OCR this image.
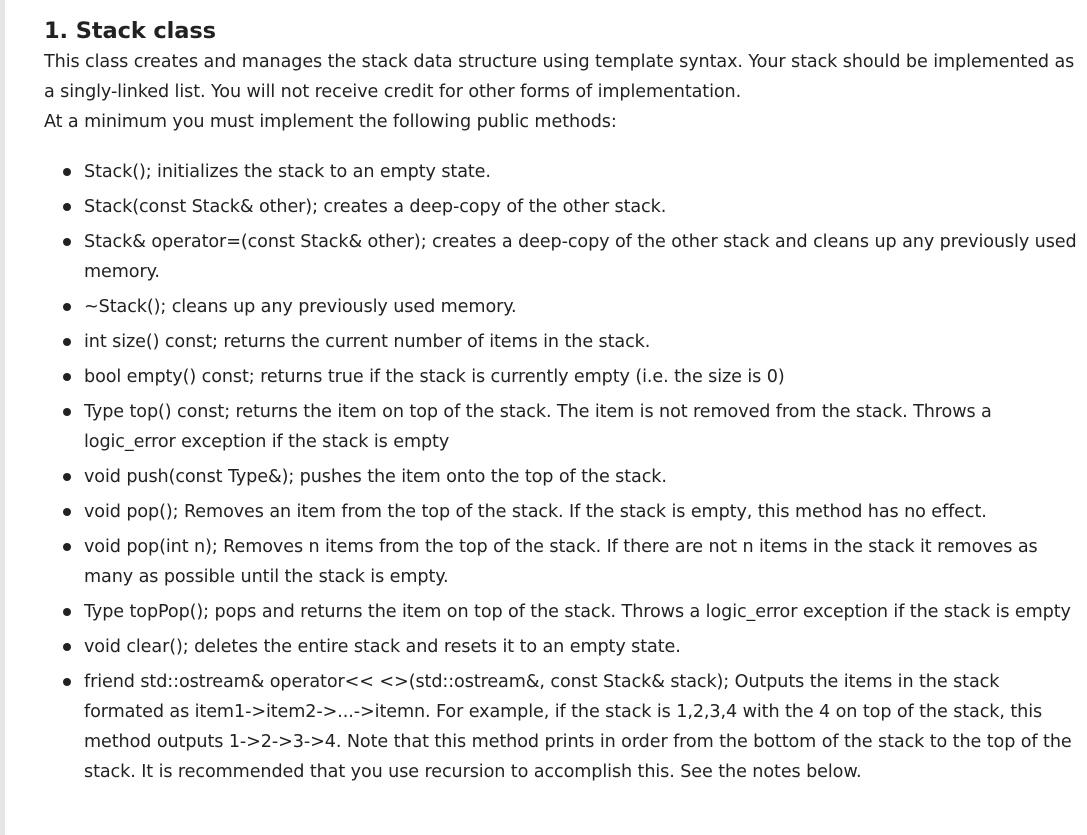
1. Stack class

This class creates and manages the stack data structure using template syntax. Your stack should be implemented as a singly-linked list. You will not receive credit for other forms of implementation.

At a minimum you must implement the following public methods:

Stack(); initializes the stack to an empty state.
Stack(const Stack& other); creates a deep-copy of the other stack.
Stack& operator=(const Stack& other); creates a deep-copy of the other stack and cleans up any previously used memory.
~Stack(); cleans up any previously used memory.
int size() const; returns the current number of items in the stack.
bool empty() const; returns true if the stack is currently empty (i.e. the size is 0)
Type top() const; returns the item on top of the stack. The item is not removed from the stack. Throws a logic_error exception if the stack is empty
void push(const Type&); pushes the item onto the top of the stack.
void pop(); Removes an item from the top of the stack. If the stack is empty, this method has no effect.
void pop(int n); Removes n items from the top of the stack. If there are not n items in the stack it removes as many as possible until the stack is empty.
Type topPop(); pops and returns the item on top of the stack. Throws a logic_error exception if the stack is empty
void clear(); deletes the entire stack and resets it to an empty state.
friend std::ostream& operator<< <>(std::ostream&, const Stack& stack); Outputs the items in the stack formated as item1->item2->...->itemn. For example, if the stack is 1,2,3,4 with the 4 on top of the stack, this method outputs 1->2->3->4. Note that this method prints in order from the bottom of the stack to the top of the stack. It is recommended that you use recursion to accomplish this. See the notes below.
